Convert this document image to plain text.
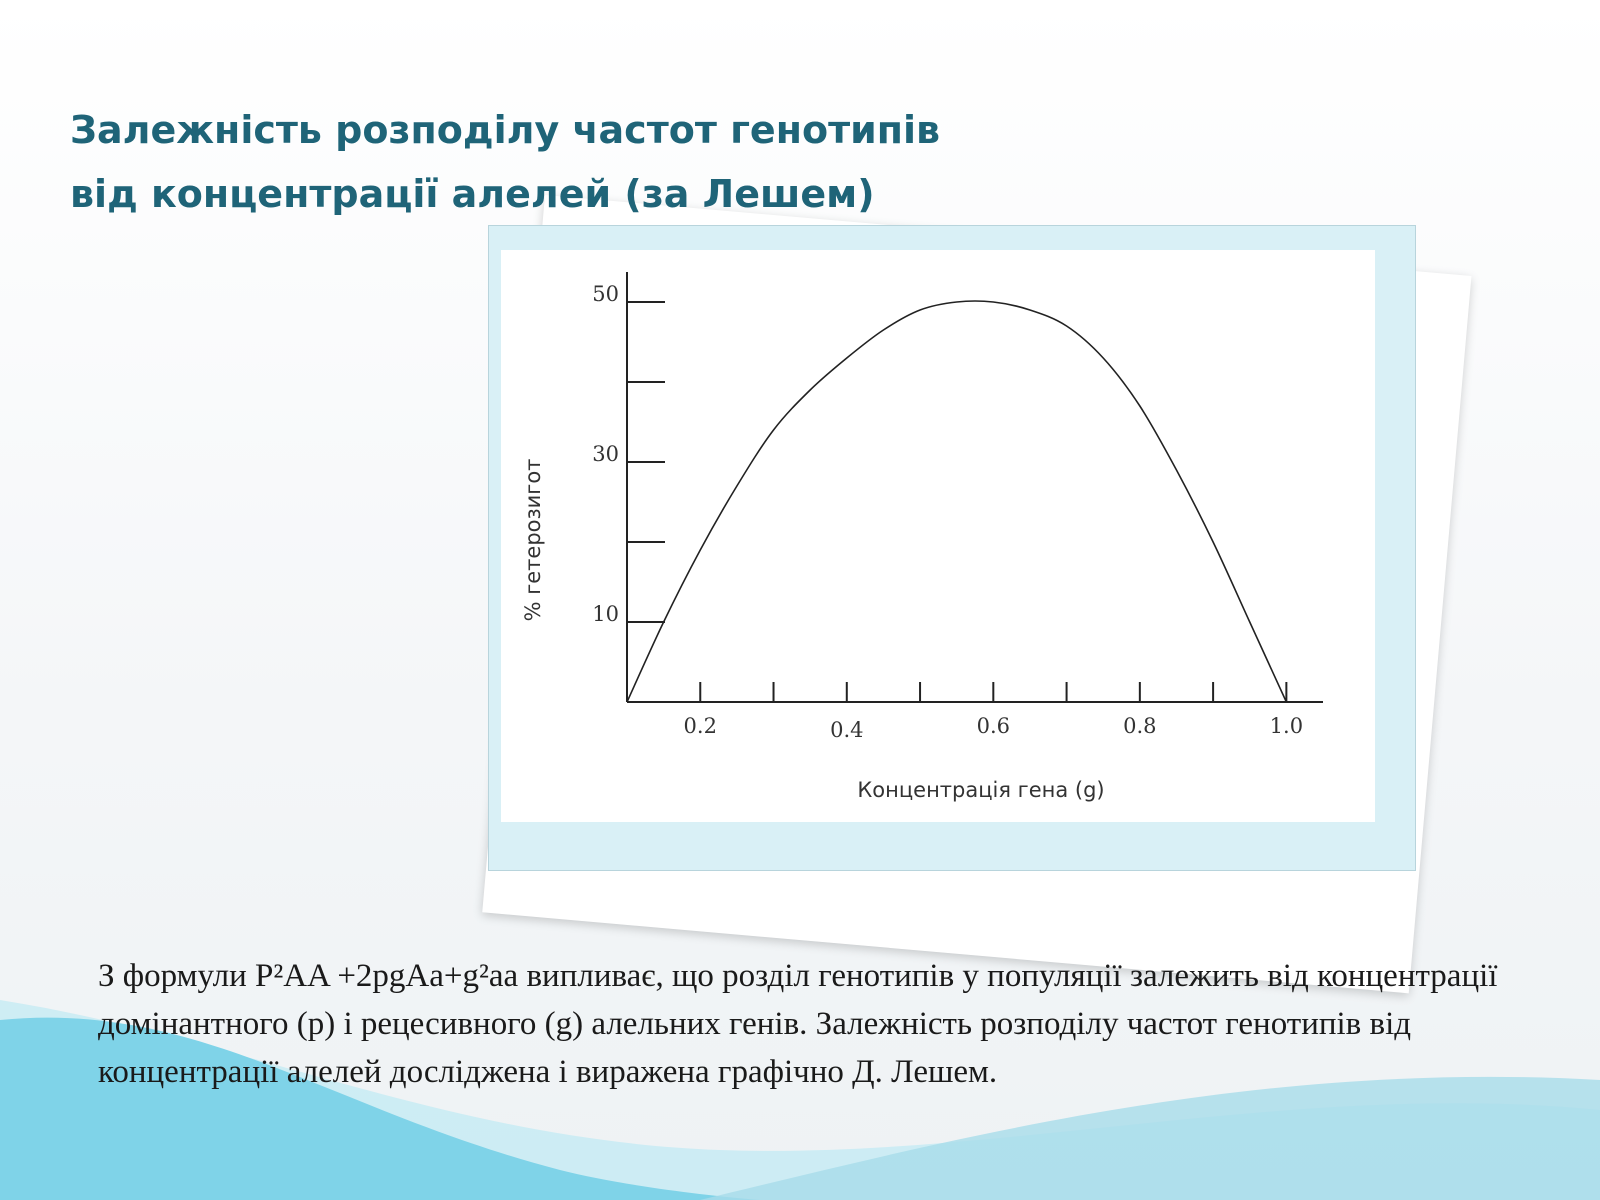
Залежність розподілу частот генотипів
від концентрації алелей (за Лешем)
% гетерозигот
Концентрація гена (g)
10
30
50
0.2	0.4	0.6	0.8	1.0

З формули P²AA +2pgAa+g²aa випливає, що розділ генотипів у популяції залежить від концентрації домінантного (p) і рецесивного (g) алельних генів. Залежність розподілу частот генотипів від концентрації алелей досліджена і виражена графічно Д. Лешем.
